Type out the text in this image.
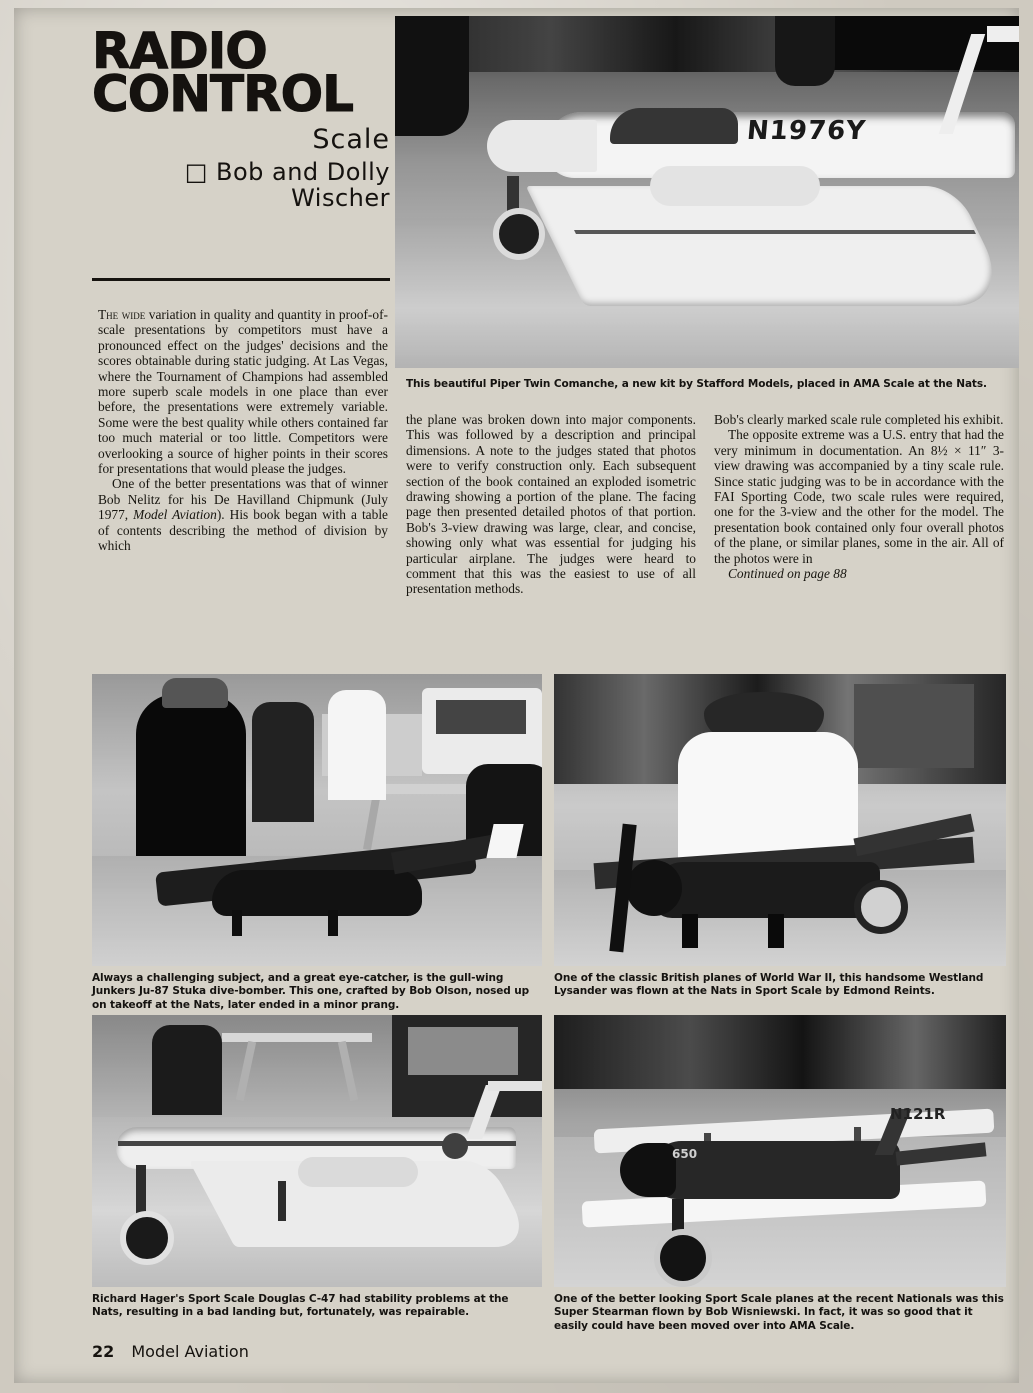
RADIO
CONTROL
Scale
□ Bob and Dolly
Wischer
N1976Y
This beautiful Piper Twin Comanche, a new kit by Stafford Models, placed in AMA Scale at the Nats.

The wide variation in quality and quantity in proof-of-scale presentations by competitors must have a pronounced effect on the judges' decisions and the scores obtainable during static judging. At Las Vegas, where the Tournament of Champions had assembled more superb scale models in one place than ever before, the presentations were extremely variable. Some were the best quality while others contained far too much material or too little. Competitors were overlooking a source of higher points in their scores for presentations that would please the judges.

One of the better presentations was that of winner Bob Nelitz for his De Havilland Chipmunk (July 1977, Model Aviation). His book began with a table of contents describing the method of division by which

the plane was broken down into major components. This was followed by a description and principal dimensions. A note to the judges stated that photos were to verify construction only. Each subsequent section of the book contained an exploded isometric drawing showing a portion of the plane. The facing page then presented detailed photos of that portion. Bob's 3-view drawing was large, clear, and concise, showing only what was essential for judging his particular airplane. The judges were heard to comment that this was the easiest to use of all presentation methods.

Bob's clearly marked scale rule completed his exhibit.

The opposite extreme was a U.S. entry that had the very minimum in documentation. An 8½ × 11″ 3-view drawing was accompanied by a tiny scale rule. Since static judging was to be in accordance with the FAI Sporting Code, two scale rules were required, one for the 3-view and the other for the model. The presentation book contained only four overall photos of the plane, or similar planes, some in the air. All of the photos were in

Continued on page 88

Always a challenging subject, and a great eye-catcher, is the gull-wing Junkers Ju-87 Stuka dive-bomber. This one, crafted by Bob Olson, nosed up on takeoff at the Nats, later ended in a minor prang.
One of the classic British planes of World War II, this handsome Westland Lysander was flown at the Nats in Sport Scale by Edmond Reints.
Richard Hager's Sport Scale Douglas C-47 had stability problems at the Nats, resulting in a bad landing but, fortunately, was repairable.
N121R
650
One of the better looking Sport Scale planes at the recent Nationals was this Super Stearman flown by Bob Wisniewski. In fact, it was so good that it easily could have been moved over into AMA Scale.
22 Model Aviation
